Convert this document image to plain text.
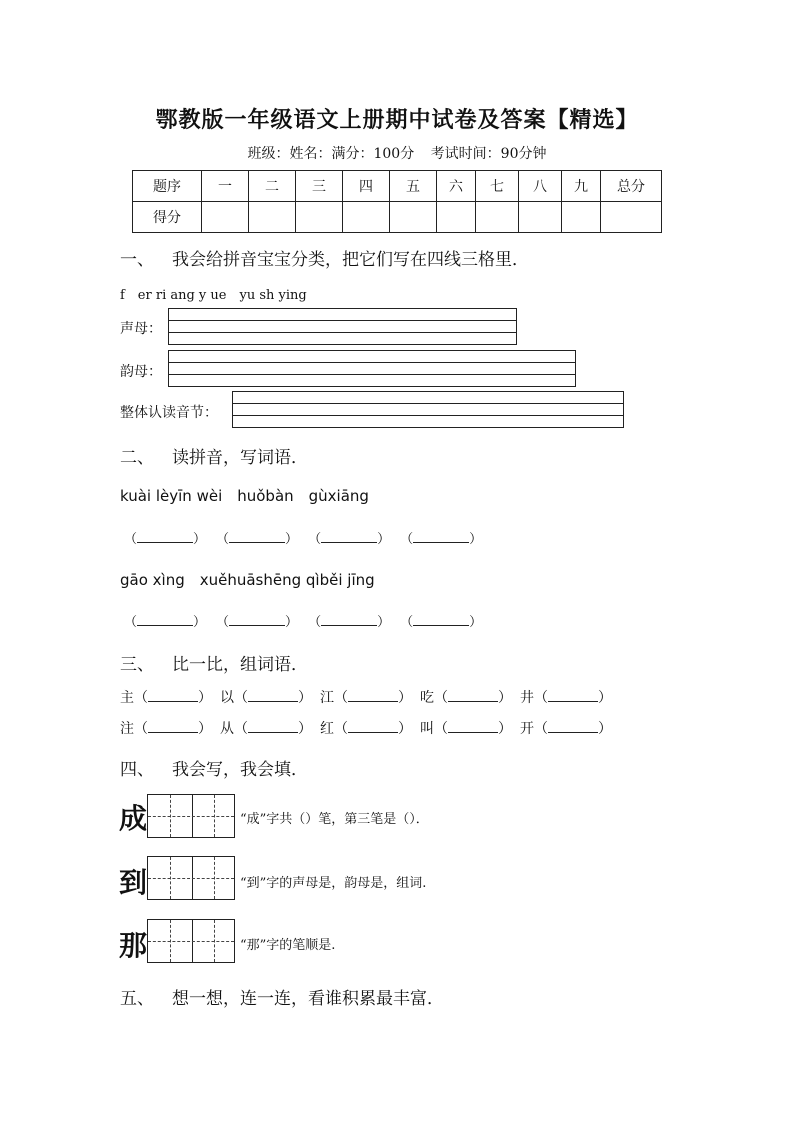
鄂教版一年级语文上册期中试卷及答案【精选】
班级：姓名：满分：100分 考试时间：90分钟
题序	一	二	三	四	五	六	七	八	九	总分
得分										
一、 我会给拼音宝宝分类，把它们写在四线三格里．
f　er ri ang y ue　yu sh ying
声母：
韵母：
整体认读音节：
二、 读拼音，写词语．
kuài lèyīn wèi　huǒbàn　gùxiāng
（	） （	） （	） （	）
gāo xìng　xuěhuāshēng qìběi jīng
（	） （	） （	） （	）
三、 比一比，组词语．
主（	） 以（	） 江（	） 吃（	） 井（	）
注（	） 从（	） 红（	） 叫（	） 开（	）
四、 我会写，我会填．
成	“成”字共（）笔，第三笔是（）．
到	“到”字的声母是，韵母是，组词.
那	“那”字的笔顺是.
五、 想一想，连一连，看谁积累最丰富．
